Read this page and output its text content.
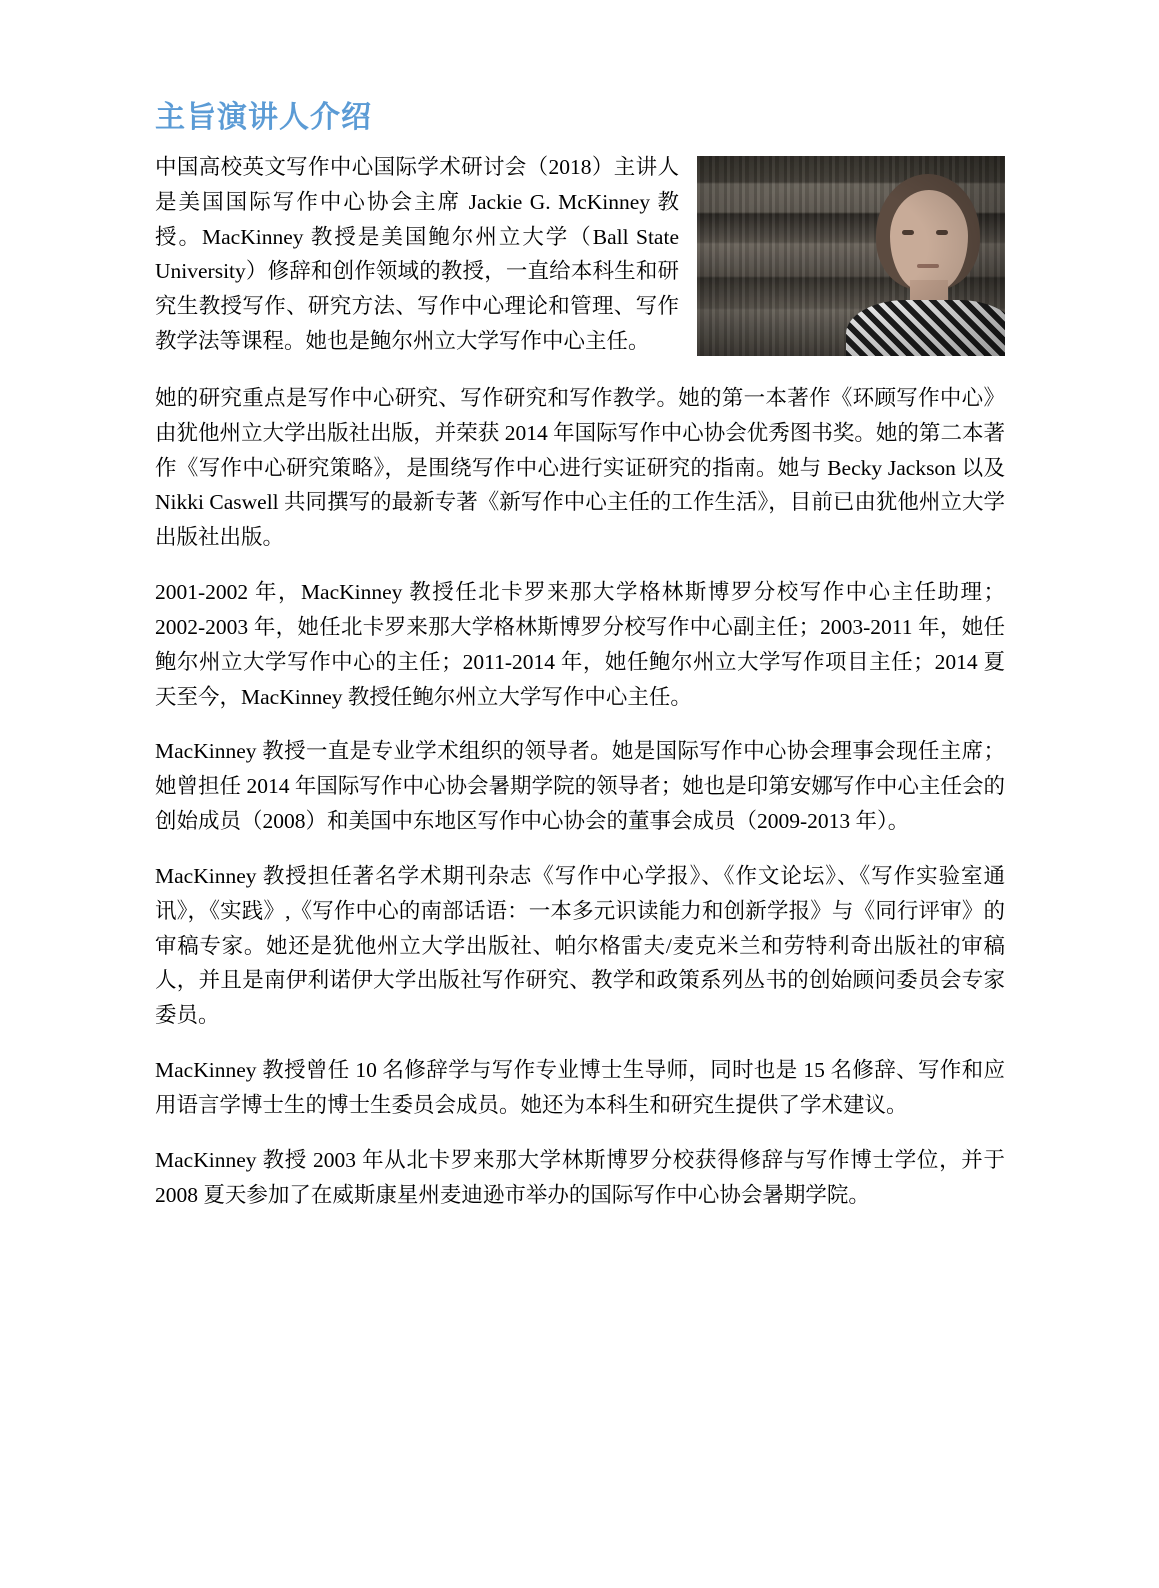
主旨演讲人介绍

中国高校英文写作中心国际学术研讨会（2018）主讲人是美国国际写作中心协会主席 Jackie G. McKinney 教授。MacKinney 教授是美国鲍尔州立大学（Ball State University）修辞和创作领域的教授，一直给本科生和研究生教授写作、研究方法、写作中心理论和管理、写作教学法等课程。她也是鲍尔州立大学写作中心主任。

她的研究重点是写作中心研究、写作研究和写作教学。她的第一本著作《环顾写作中心》由犹他州立大学出版社出版，并荣获 2014 年国际写作中心协会优秀图书奖。她的第二本著作《写作中心研究策略》，是围绕写作中心进行实证研究的指南。她与 Becky Jackson 以及 Nikki Caswell 共同撰写的最新专著《新写作中心主任的工作生活》，目前已由犹他州立大学出版社出版。

2001-2002 年，MacKinney 教授任北卡罗来那大学格林斯博罗分校写作中心主任助理；2002-2003 年，她任北卡罗来那大学格林斯博罗分校写作中心副主任；2003-2011 年，她任鲍尔州立大学写作中心的主任；2011-2014 年，她任鲍尔州立大学写作项目主任；2014 夏天至今，MacKinney 教授任鲍尔州立大学写作中心主任。

MacKinney 教授一直是专业学术组织的领导者。她是国际写作中心协会理事会现任主席；她曾担任 2014 年国际写作中心协会暑期学院的领导者；她也是印第安娜写作中心主任会的创始成员（2008）和美国中东地区写作中心协会的董事会成员（2009-2013 年）。

MacKinney 教授担任著名学术期刊杂志《写作中心学报》、《作文论坛》、《写作实验室通讯》，《实践》,《写作中心的南部话语：一本多元识读能力和创新学报》与《同行评审》的审稿专家。她还是犹他州立大学出版社、帕尔格雷夫/麦克米兰和劳特利奇出版社的审稿人，并且是南伊利诺伊大学出版社写作研究、教学和政策系列丛书的创始顾问委员会专家委员。

MacKinney 教授曾任 10 名修辞学与写作专业博士生导师，同时也是 15 名修辞、写作和应用语言学博士生的博士生委员会成员。她还为本科生和研究生提供了学术建议。

MacKinney 教授 2003 年从北卡罗来那大学林斯博罗分校获得修辞与写作博士学位，并于 2008 夏天参加了在威斯康星州麦迪逊市举办的国际写作中心协会暑期学院。
